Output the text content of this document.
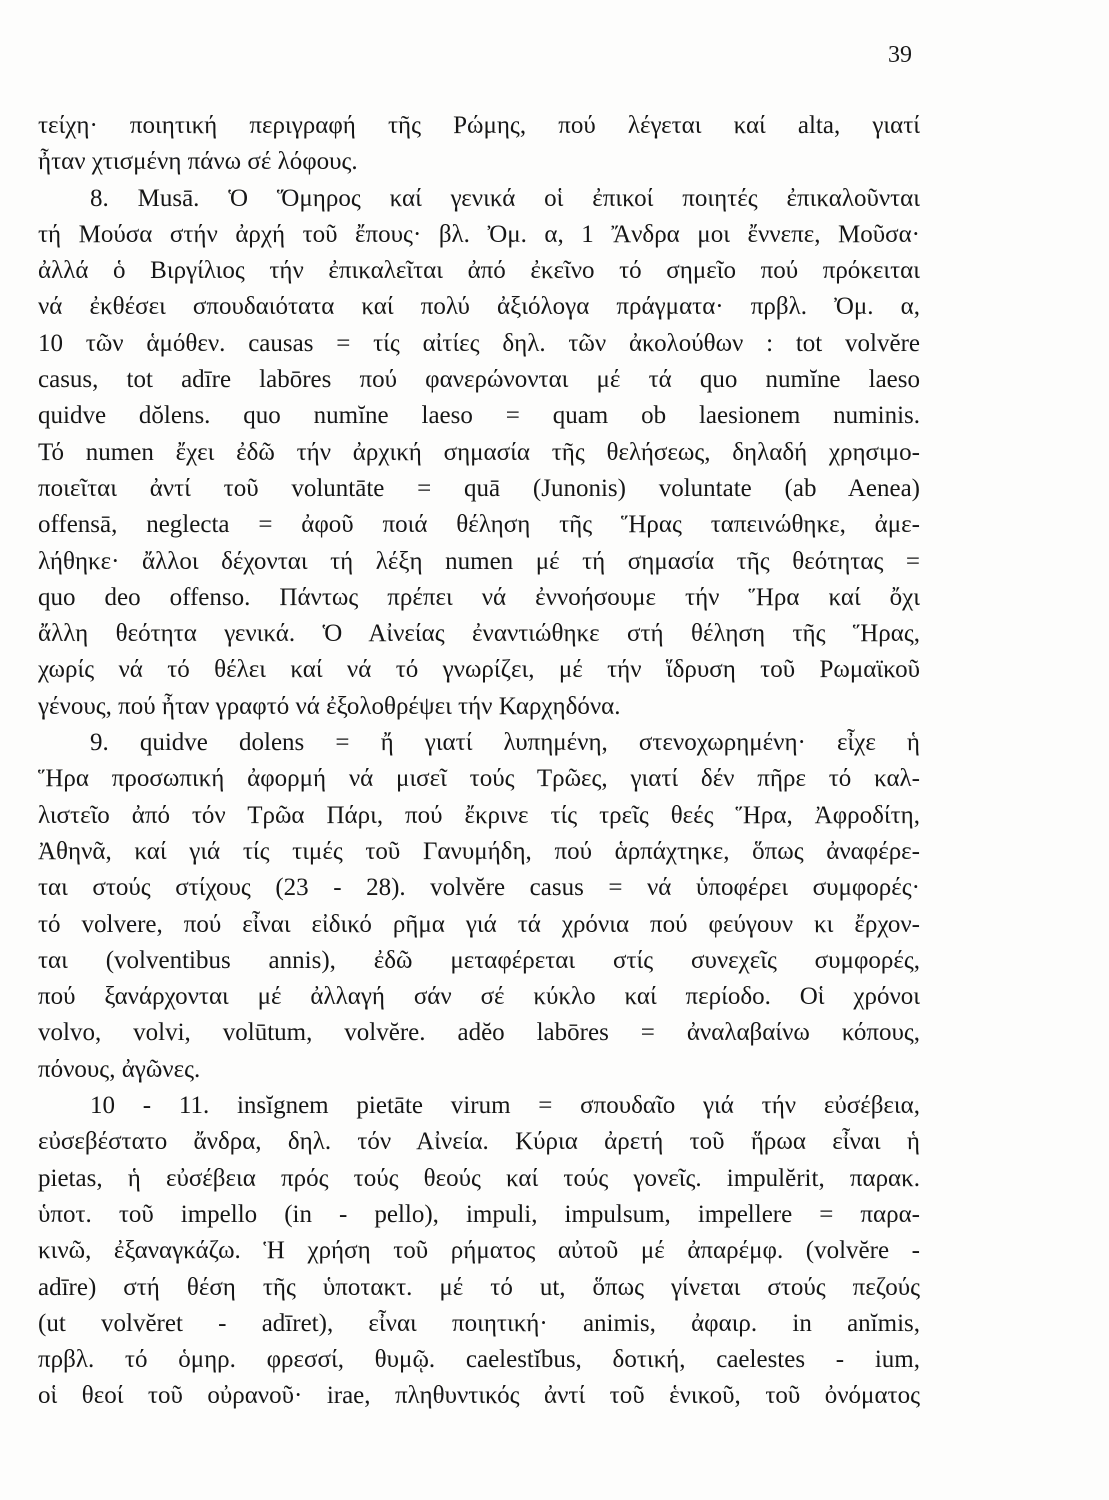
39
τείχη· ποιητική περιγραφή τῆς Ρώμης, πού λέγεται καί alta, γιατί
ἦταν χτισμένη πάνω σέ λόφους.
8. Musā. Ὁ Ὅμηρος καί γενικά οἱ ἐπικοί ποιητές ἐπικαλοῦνται
τή Μούσα στήν ἀρχή τοῦ ἔπους· βλ. Ὀμ. α, 1 Ἄνδρα μοι ἔννεπε, Μοῦσα·
ἀλλά ὁ Βιργίλιος τήν ἐπικαλεῖται ἀπό ἐκεῖνο τό σημεῖο πού πρόκειται
νά ἐκθέσει σπουδαιότατα καί πολύ ἀξιόλογα πράγματα· πρβλ. Ὀμ. α,
10 τῶν ἁμόθεν. causas = τίς αἰτίες δηλ. τῶν ἀκολούθων : tot volvĕre
casus, tot adīre labōres πού φανερώνονται μέ τά quo numĭne laeso
quidve dŏlens. quo numĭne laeso = quam ob laesionem numinis.
Τό numen ἔχει ἐδῶ τήν ἀρχική σημασία τῆς θελήσεως, δηλαδή χρησιμο-
ποιεῖται ἀντί τοῦ voluntāte = quā (Junonis) voluntate (ab Aenea)
offensā, neglecta = ἀφοῦ ποιά θέληση τῆς Ἥρας ταπεινώθηκε, ἀμε-
λήθηκε· ἄλλοι δέχονται τή λέξη numen μέ τή σημασία τῆς θεότητας =
quo deo offenso. Πάντως πρέπει νά ἐννοήσουμε τήν Ἥρα καί ὄχι
ἄλλη θεότητα γενικά. Ὁ Αἰνείας ἐναντιώθηκε στή θέληση τῆς Ἥρας,
χωρίς νά τό θέλει καί νά τό γνωρίζει, μέ τήν ἵδρυση τοῦ Ρωμαϊκοῦ
γένους, πού ἦταν γραφτό νά ἐξολοθρέψει τήν Καρχηδόνα.
9. quidve dolens = ἤ γιατί λυπημένη, στενοχωρημένη· εἶχε ἡ
Ἥρα προσωπική ἀφορμή νά μισεῖ τούς Τρῶες, γιατί δέν πῆρε τό καλ-
λιστεῖο ἀπό τόν Τρῶα Πάρι, πού ἔκρινε τίς τρεῖς θεές Ἥρα, Ἀφροδίτη,
Ἀθηνᾶ, καί γιά τίς τιμές τοῦ Γανυμήδη, πού ἁρπάχτηκε, ὅπως ἀναφέρε-
ται στούς στίχους (23 - 28). volvĕre casus = νά ὑποφέρει συμφορές·
τό volvere, πού εἶναι εἰδικό ρῆμα γιά τά χρόνια πού φεύγουν κι ἔρχον-
ται (volventibus annis), ἐδῶ μεταφέρεται στίς συνεχεῖς συμφορές,
πού ξανάρχονται μέ ἀλλαγή σάν σέ κύκλο καί περίοδο. Οἱ χρόνοι
volvo, volvi, volūtum, volvĕre. adĕo labōres = ἀναλαβαίνω κόπους,
πόνους, ἀγῶνες.
10 - 11. insĭgnem pietāte virum = σπουδαῖο γιά τήν εὐσέβεια,
εὐσεβέστατο ἄνδρα, δηλ. τόν Αἰνεία. Κύρια ἀρετή τοῦ ἥρωα εἶναι ἡ
pietas, ἡ εὐσέβεια πρός τούς θεούς καί τούς γονεῖς. impulĕrit, παρακ.
ὑποτ. τοῦ impello (in - pello), impuli, impulsum, impellere = παρα-
κινῶ, ἐξαναγκάζω. Ἡ χρήση τοῦ ρήματος αὐτοῦ μέ ἀπαρέμφ. (volvĕre -
adīre) στή θέση τῆς ὑποτακτ. μέ τό ut, ὅπως γίνεται στούς πεζούς
(ut volvĕret - adīret), εἶναι ποιητική· animis, ἀφαιρ. in anĭmis,
πρβλ. τό ὁμηρ. φρεσσί, θυμῷ. caelestĭbus, δοτική, caelestes - ium,
οἱ θεοί τοῦ οὐρανοῦ· irae, πληθυντικός ἀντί τοῦ ἑνικοῦ, τοῦ ὀνόματος
